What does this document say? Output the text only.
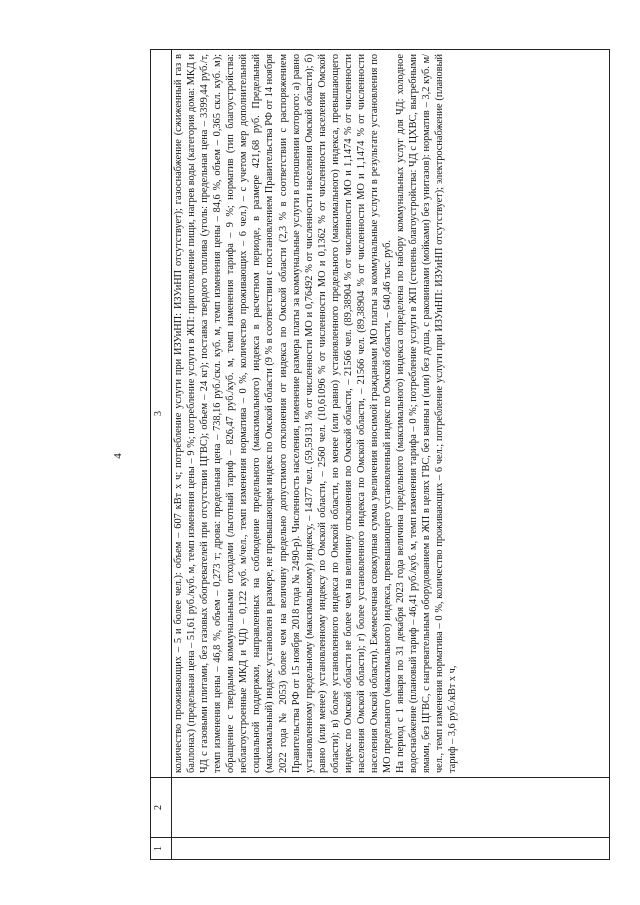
4
1	2	3

		количество проживающих – 5 и более чел.): объем – 607 кВт х ч; потребление услуги при ИЗУиНП: ИЗУиНП отсутствует); газоснабжение (сжиженный газ в баллонах) (предельная цена – 51,61 руб./куб. м, темп изменения цены – 9 %; потребление услуги в ЖП: приготовление пищи, нагрев воды (категория дома: МКД и ЧД с газовыми плитами, без газовых обогревателей при отсутствии ЦГВС); объем – 24 кг); поставка твердого топлива (уголь: предельная цена – 3399,44 руб./т, темп изменения цены – 46,8 %, объем – 0,273 т; дрова: предельная цена – 738,16 руб./скл. куб. м, темп изменения цены – 84,6 %, объем – 0,365 скл. куб. м); обращение с твердыми коммунальными отходами (льготный тариф – 826,47 руб./куб. м, темп изменения тарифа – 9 %; норматив (тип благоустройства: неблагоустроенные МКД и ЧД) – 0,122 куб. м/чел., темп изменения норматива – 0 %, количество проживающих – 6 чел.) – с учетом мер дополнительной социальной поддержки, направленных на соблюдение предельного (максимального) индекса в расчетном периоде, в размере 421,68 руб. Предельный (максимальный) индекс установлен в размере, не превышающем индекс по Омской области (9 % в соответствии с постановлением Правительства РФ от 14 ноября 2022 года № 2053) более чем на величину предельно допустимого отклонения от индекса по Омской области (2,3 % в соответствии с распоряжением Правительства РФ от 15 ноября 2018 года № 2490-р). Численность населения, изменение размера платы за коммунальные услуги в отношении которого: а) равно установленному предельному (максимальному) индексу, – 14377 чел. (59,59131 % от численности МО и 0,76492 % от численности населения Омской области); б) равно (или менее) установленному индексу по Омской области, – 2560 чел. (10,61096 % от численности МО и 0,1362 % от численности населения Омской области); в) более установленного индекса по Омской области, но менее (или равно) установленного предельного (максимального) индекса, превышающего индекс по Омской области не более чем на величину отклонения по Омской области, – 21566 чел. (89,38904 % от численности МО и 1,1474 % от численности населения Омской области); г) более установленного индекса по Омской области, – 21566 чел. (89,38904 % от численности МО и 1,1474 % от численности населения Омской области). Ежемесячная совокупная сумма увеличения вносимой гражданами МО платы за коммунальные услуги в результате установления по МО предельного (максимального) индекса, превышающего установленный индекс по Омской области, – 640,46 тыс. руб. На период с 1 января по 31 декабря 2023 года величина предельного (максимального) индекса определена по набору коммунальных услуг для ЧД: холодное водоснабжение (плановый тариф – 46,41 руб./куб. м, темп изменения тарифа – 0 %; потребление услуги в ЖП (степень благоустройства: ЧД с ЦХВС, выгребными ямами, без ЦГВС, с нагревательным оборудованием в ЖП в целях ГВС, без ванны и (или) без душа, с раковинами (мойками) без унитазов): норматив – 3,2 куб. м/чел., темп изменения норматива – 0 %, количество проживающих – 6 чел.; потребление услуги при ИЗУиНП: ИЗУиНП отсутствует); электроснабжение (плановый тариф – 3,6 руб./кВт х ч,
